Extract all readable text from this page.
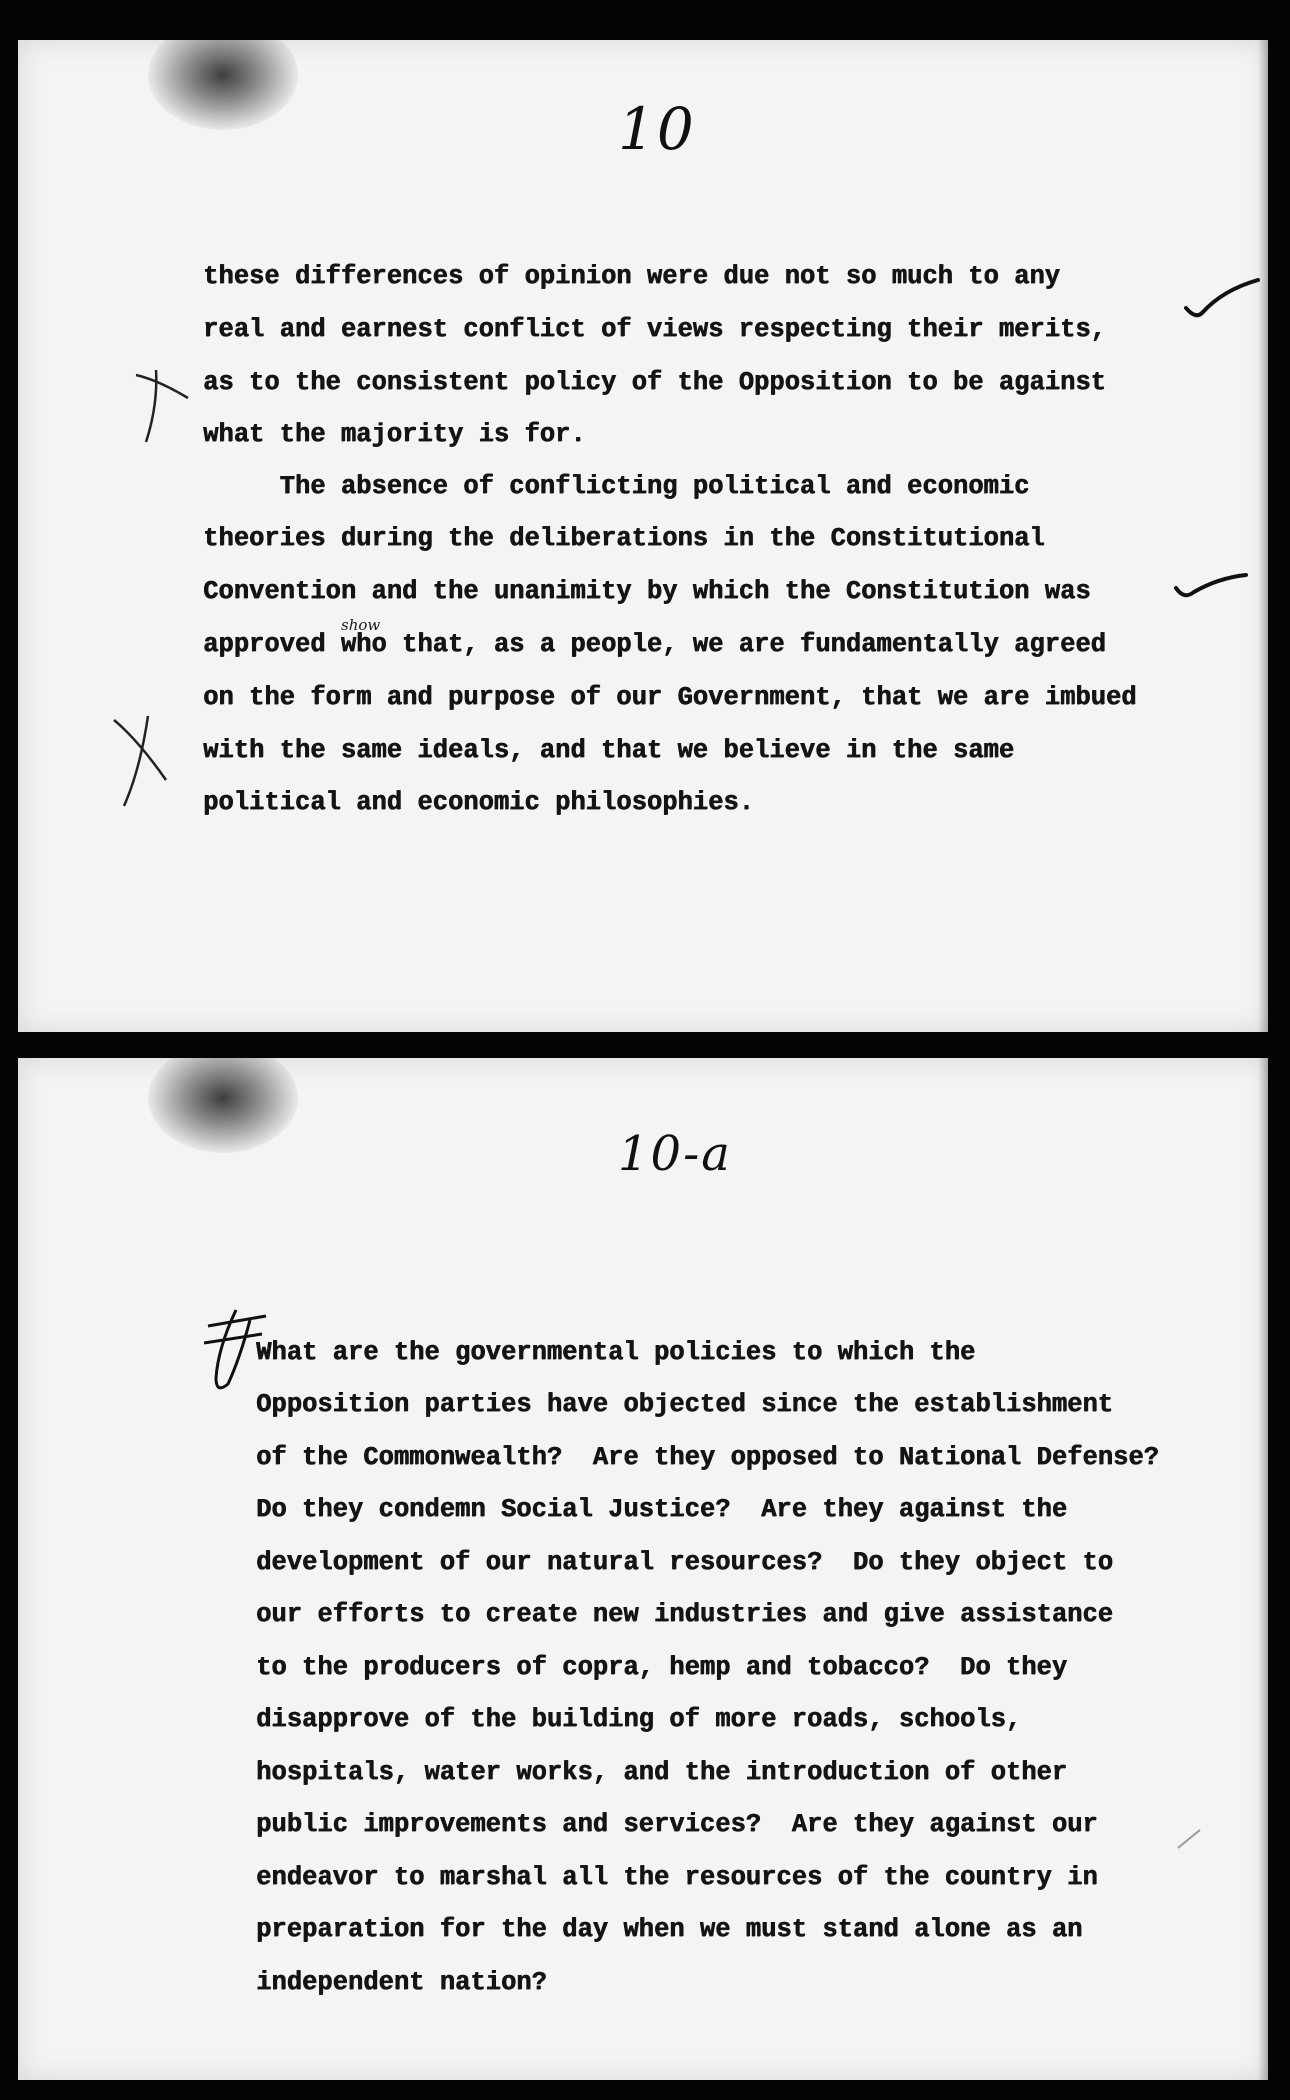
10

these differences of opinion were due not so much to any

real and earnest conflict of views respecting their merits,

as to the consistent policy of the Opposition to be against

what the majority is for.

The absence of conflicting political and economic

theories during the deliberations in the Constitutional

Convention and the unanimity by which the Constitution was

approved who that, as a people, we are fundamentally agreed

on the form and purpose of our Government, that we are imbued

with the same ideals, and that we believe in the same

political and economic philosophies.

show
10-a

What are the governmental policies to which the

Opposition parties have objected since the establishment

of the Commonwealth?  Are they opposed to National Defense?

Do they condemn Social Justice?  Are they against the

development of our natural resources?  Do they object to

our efforts to create new industries and give assistance

to the producers of copra, hemp and tobacco?  Do they

disapprove of the building of more roads, schools,

hospitals, water works, and the introduction of other

public improvements and services?  Are they against our

endeavor to marshal all the resources of the country in

preparation for the day when we must stand alone as an

independent nation?
